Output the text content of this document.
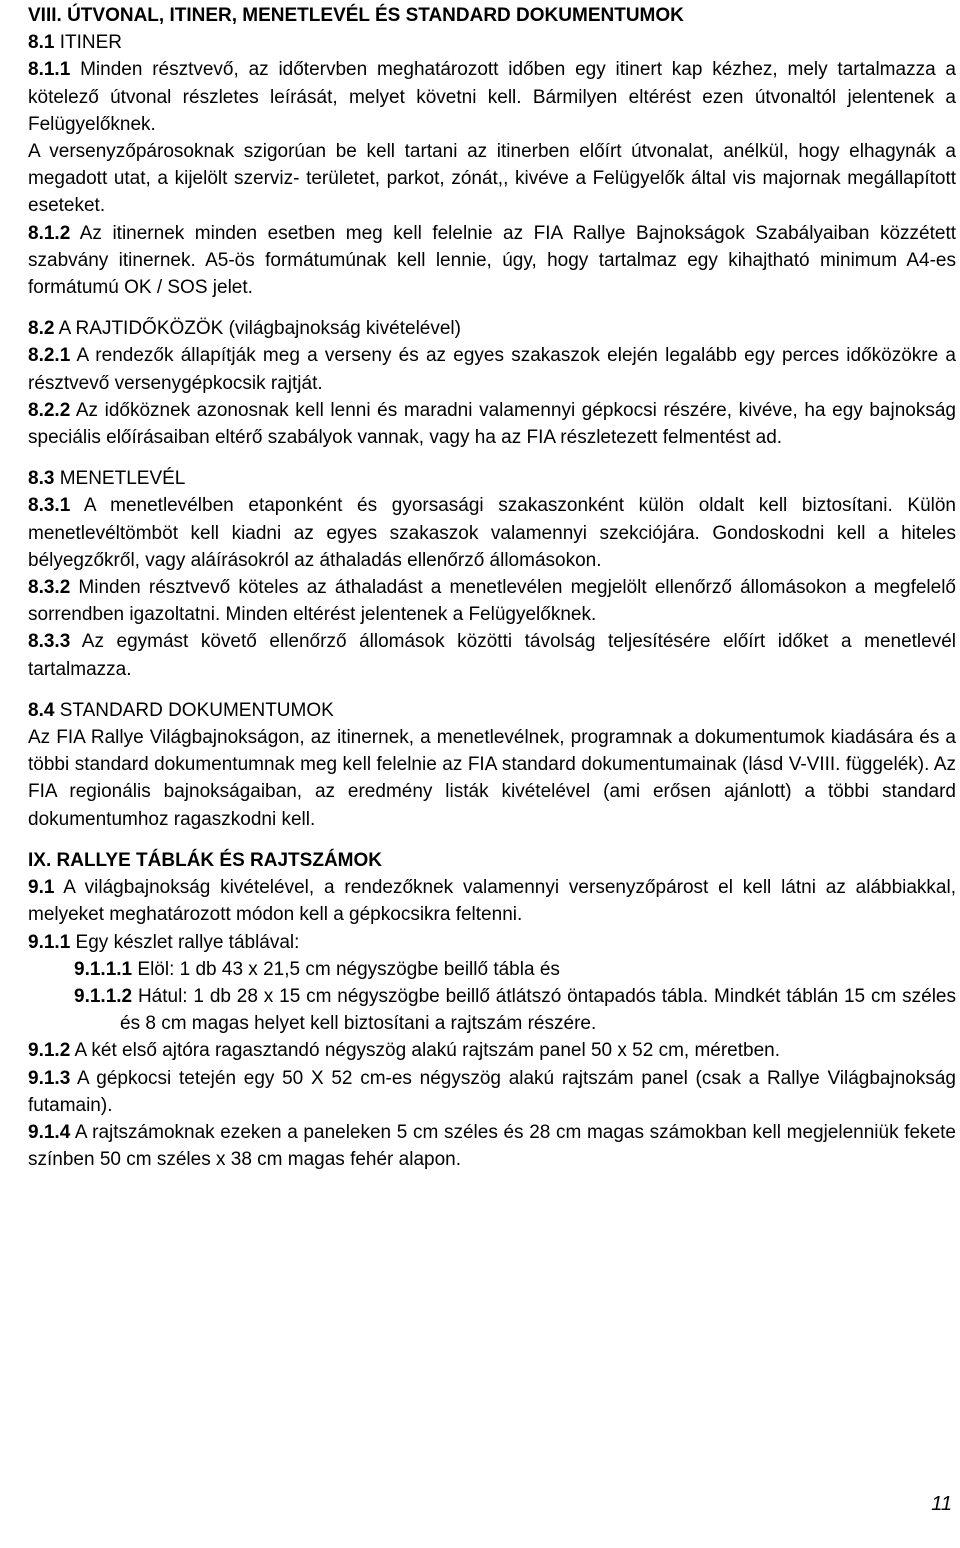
VIII. ÚTVONAL, ITINER, MENETLEVÉL ÉS STANDARD DOKUMENTUMOK

8.1 ITINER

8.1.1 Minden résztvevő, az időtervben meghatározott időben egy itinert kap kézhez, mely tartalmazza a kötelező útvonal részletes leírását, melyet követni kell. Bármilyen eltérést ezen útvonaltól jelentenek a Felügyelőknek.

A versenyzőpárosoknak szigorúan be kell tartani az itinerben előírt útvonalat, anélkül, hogy elhagynák a megadott utat, a kijelölt szerviz- területet, parkot, zónát,, kivéve a Felügyelők által vis majornak megállapított eseteket.

8.1.2 Az itinernek minden esetben meg kell felelnie az FIA Rallye Bajnokságok Szabályaiban közzétett szabvány itinernek. A5-ös formátumúnak kell lennie, úgy, hogy tartalmaz egy kihajtható minimum A4-es formátumú OK / SOS jelet.

8.2 A RAJTIDŐKÖZÖK (világbajnokság kivételével)

8.2.1 A rendezők állapítják meg a verseny és az egyes szakaszok elején legalább egy perces időközökre a résztvevő versenygépkocsik rajtját.

8.2.2 Az időköznek azonosnak kell lenni és maradni valamennyi gépkocsi részére, kivéve, ha egy bajnokság speciális előírásaiban eltérő szabályok vannak, vagy ha az FIA részletezett felmentést ad.

8.3 MENETLEVÉL

8.3.1 A menetlevélben etaponként és gyorsasági szakaszonként külön oldalt kell biztosítani. Külön menetlevéltömböt kell kiadni az egyes szakaszok valamennyi szekciójára. Gondoskodni kell a hiteles bélyegzőkről, vagy aláírásokról az áthaladás ellenőrző állomásokon.

8.3.2 Minden résztvevő köteles az áthaladást a menetlevélen megjelölt ellenőrző állomásokon a megfelelő sorrendben igazoltatni. Minden eltérést jelentenek a Felügyelőknek.

8.3.3 Az egymást követő ellenőrző állomások közötti távolság teljesítésére előírt időket a menetlevél tartalmazza.

8.4 STANDARD DOKUMENTUMOK

Az FIA Rallye Világbajnokságon, az itinernek, a menetlevélnek, programnak a dokumentumok kiadására és a többi standard dokumentumnak meg kell felelnie az FIA standard dokumentumainak (lásd V-VIII. függelék). Az FIA regionális bajnokságaiban, az eredmény listák kivételével (ami erősen ajánlott) a többi standard dokumentumhoz ragaszkodni kell.

IX. RALLYE TÁBLÁK ÉS RAJTSZÁMOK

9.1 A világbajnokság kivételével, a rendezőknek valamennyi versenyzőpárost el kell látni az alábbiakkal, melyeket meghatározott módon kell a gépkocsikra feltenni.

9.1.1 Egy készlet rallye táblával:

9.1.1.1 Elöl: 1 db 43 x 21,5 cm négyszögbe beillő tábla és

9.1.1.2 Hátul: 1 db 28 x 15 cm négyszögbe beillő átlátszó öntapadós tábla. Mindkét táblán 15 cm széles és 8 cm magas helyet kell biztosítani a rajtszám részére.

9.1.2 A két első ajtóra ragasztandó négyszög alakú rajtszám panel 50 x 52 cm, méretben.

9.1.3 A gépkocsi tetején egy 50 X 52 cm-es négyszög alakú rajtszám panel (csak a Rallye Világbajnokság futamain).

9.1.4 A rajtszámoknak ezeken a paneleken 5 cm széles és 28 cm magas számokban kell megjelenniük fekete színben 50 cm széles x 38 cm magas fehér alapon.

11
